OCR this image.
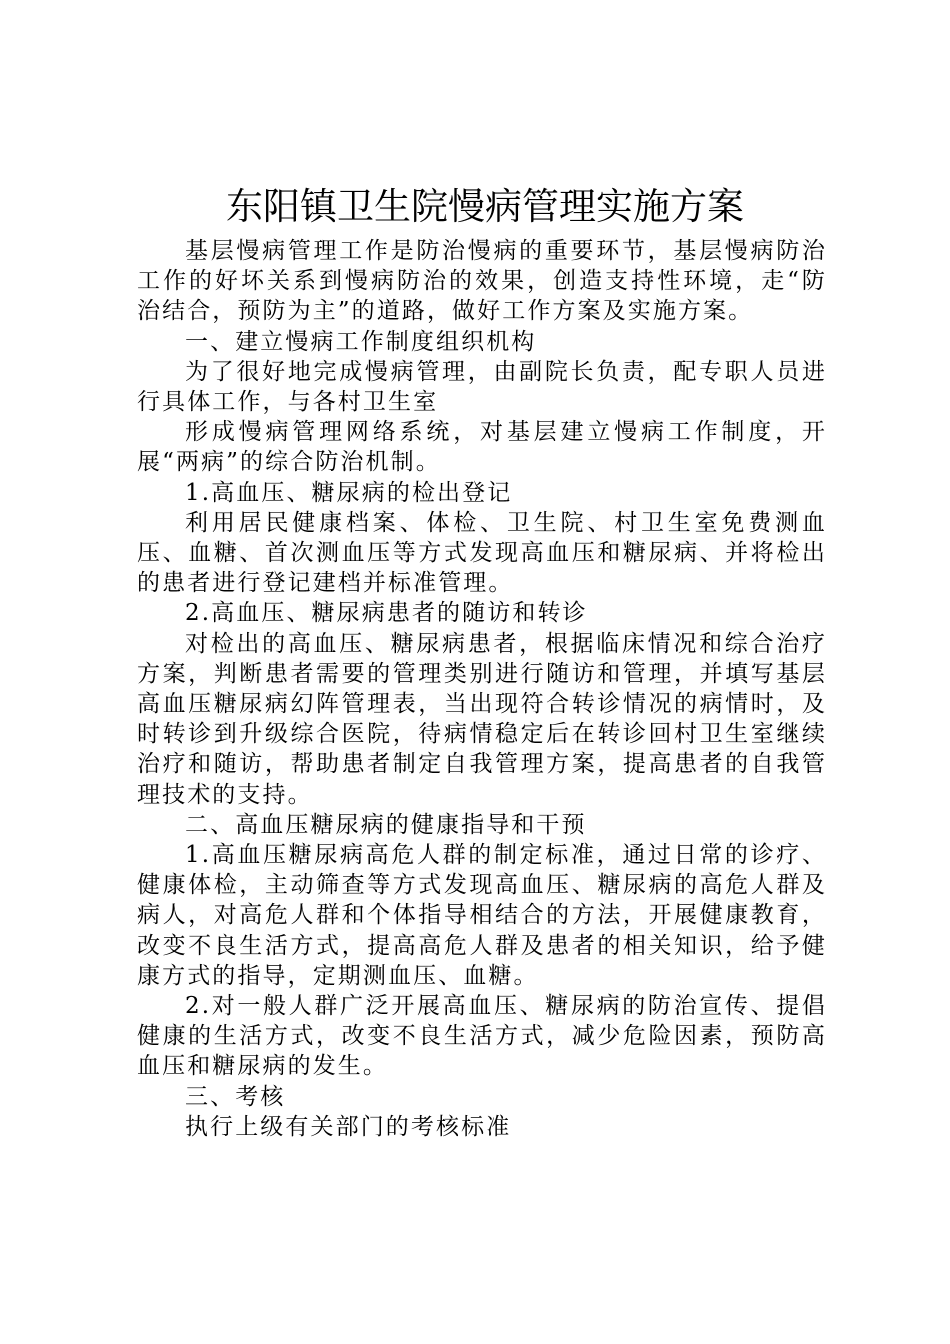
东阳镇卫生院慢病管理实施方案

基层慢病管理工作是防治慢病的重要环节，基层慢病防治工作的好坏关系到慢病防治的效果，创造支持性环境，走“防治结合，预防为主”的道路，做好工作方案及实施方案。

一、建立慢病工作制度组织机构

为了很好地完成慢病管理，由副院长负责，配专职人员进行具体工作，与各村卫生室

形成慢病管理网络系统，对基层建立慢病工作制度，开展“两病”的综合防治机制。

1.高血压、糖尿病的检出登记

利用居民健康档案、体检、卫生院、村卫生室免费测血压、血糖、首次测血压等方式发现高血压和糖尿病、并将检出的患者进行登记建档并标准管理。

2.高血压、糖尿病患者的随访和转诊

对检出的高血压、糖尿病患者，根据临床情况和综合治疗方案，判断患者需要的管理类别进行随访和管理，并填写基层高血压糖尿病幻阵管理表，当出现符合转诊情况的病情时，及时转诊到升级综合医院，待病情稳定后在转诊回村卫生室继续治疗和随访，帮助患者制定自我管理方案，提高患者的自我管理技术的支持。

二、高血压糖尿病的健康指导和干预

1.高血压糖尿病高危人群的制定标准，通过日常的诊疗、健康体检，主动筛查等方式发现高血压、糖尿病的高危人群及病人，对高危人群和个体指导相结合的方法，开展健康教育，改变不良生活方式，提高高危人群及患者的相关知识，给予健康方式的指导，定期测血压、血糖。

2.对一般人群广泛开展高血压、糖尿病的防治宣传、提倡健康的生活方式，改变不良生活方式，减少危险因素，预防高血压和糖尿病的发生。

三、考核

执行上级有关部门的考核标准
